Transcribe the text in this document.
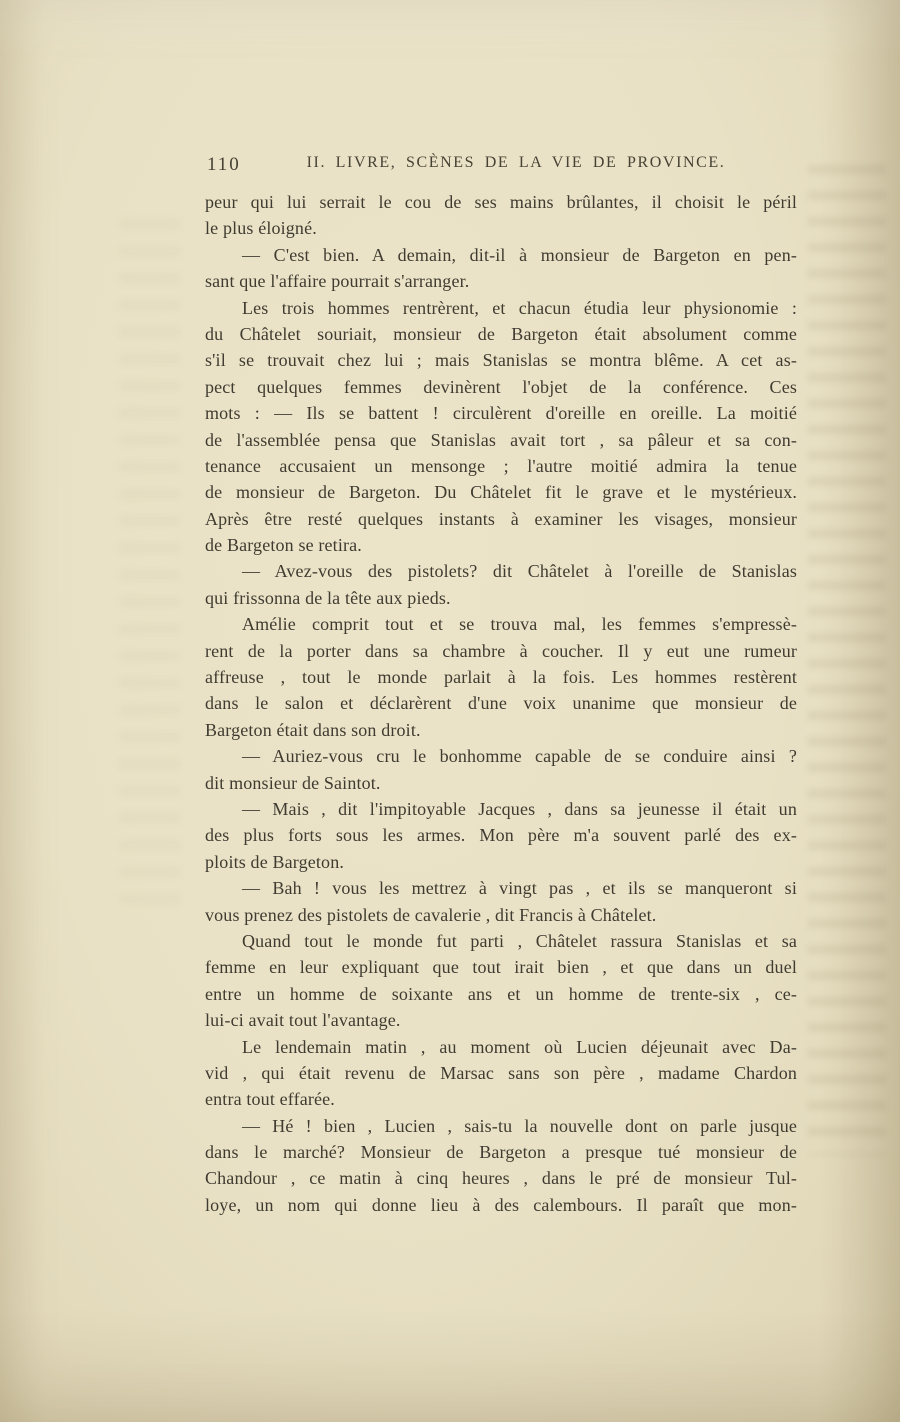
110	II. LIVRE, SCÈNES DE LA VIE DE PROVINCE.

peur qui lui serrait le cou de ses mains brûlantes, il choisit le péril
le plus éloigné.

— C'est bien. A demain, dit-il à monsieur de Bargeton en pen-
sant que l'affaire pourrait s'arranger.

Les trois hommes rentrèrent, et chacun étudia leur physionomie :
du Châtelet souriait, monsieur de Bargeton était absolument comme
s'il se trouvait chez lui ; mais Stanislas se montra blême. A cet as-
pect quelques femmes devinèrent l'objet de la conférence. Ces
mots : — Ils se battent ! circulèrent d'oreille en oreille. La moitié
de l'assemblée pensa que Stanislas avait tort , sa pâleur et sa con-
tenance accusaient un mensonge ; l'autre moitié admira la tenue
de monsieur de Bargeton. Du Châtelet fit le grave et le mystérieux.
Après être resté quelques instants à examiner les visages, monsieur
de Bargeton se retira.

— Avez-vous des pistolets? dit Châtelet à l'oreille de Stanislas
qui frissonna de la tête aux pieds.

Amélie comprit tout et se trouva mal, les femmes s'empressè-
rent de la porter dans sa chambre à coucher. Il y eut une rumeur
affreuse , tout le monde parlait à la fois. Les hommes restèrent
dans le salon et déclarèrent d'une voix unanime que monsieur de
Bargeton était dans son droit.

— Auriez-vous cru le bonhomme capable de se conduire ainsi ?
dit monsieur de Saintot.

— Mais , dit l'impitoyable Jacques , dans sa jeunesse il était un
des plus forts sous les armes. Mon père m'a souvent parlé des ex-
ploits de Bargeton.

— Bah ! vous les mettrez à vingt pas , et ils se manqueront si
vous prenez des pistolets de cavalerie , dit Francis à Châtelet.

Quand tout le monde fut parti , Châtelet rassura Stanislas et sa
femme en leur expliquant que tout irait bien , et que dans un duel
entre un homme de soixante ans et un homme de trente-six , ce-
lui-ci avait tout l'avantage.

Le lendemain matin , au moment où Lucien déjeunait avec Da-
vid , qui était revenu de Marsac sans son père , madame Chardon
entra tout effarée.

— Hé ! bien , Lucien , sais-tu la nouvelle dont on parle jusque
dans le marché? Monsieur de Bargeton a presque tué monsieur de
Chandour , ce matin à cinq heures , dans le pré de monsieur Tul-
loye, un nom qui donne lieu à des calembours. Il paraît que mon-
